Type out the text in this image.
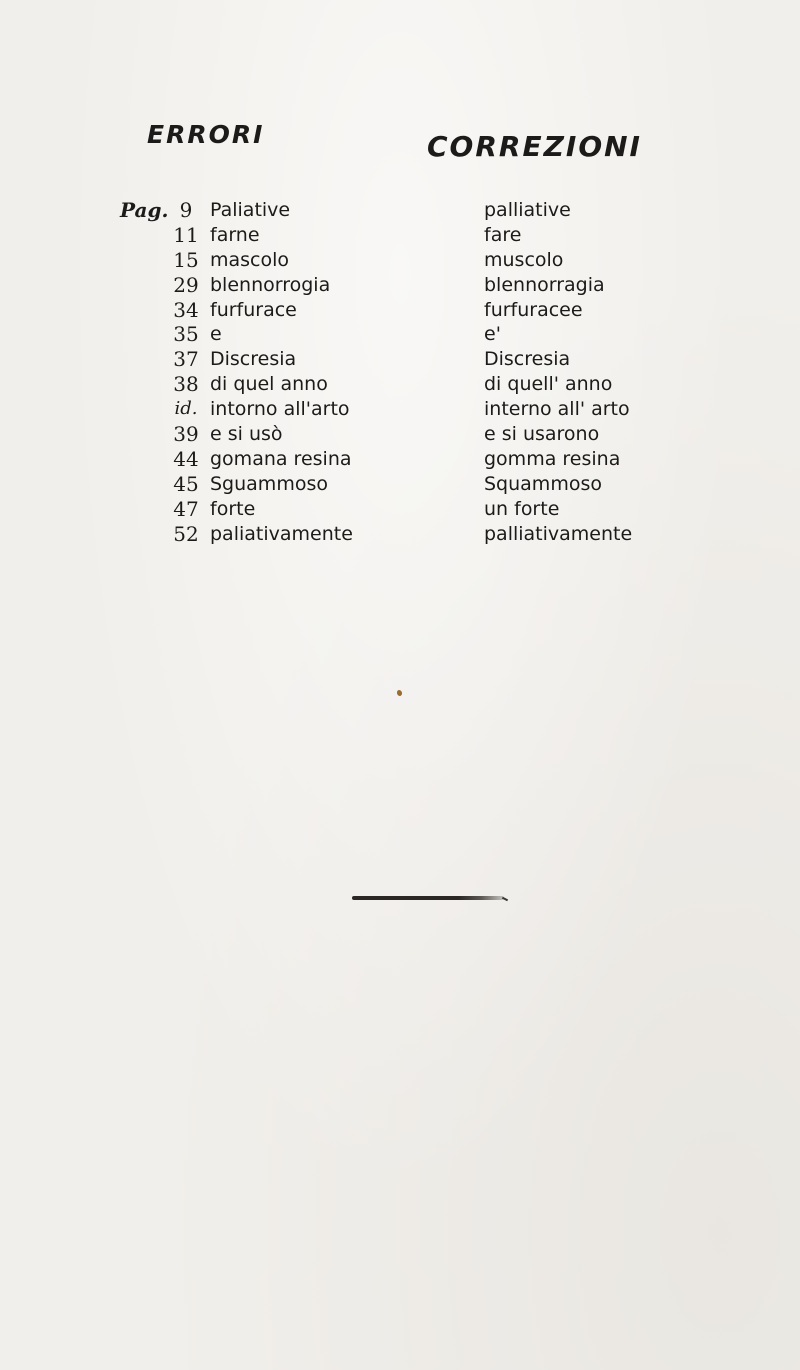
ERRORI	CORREZIONI
Pag. 9 Paliative	palliative
11 farne	fare
15 mascolo	muscolo
29 blennorrogia	blennorragia
34 furfurace	furfuracee
35 e	e'
37 Discresia	Discresia
38 di quel anno	di quell' anno
id. intorno all'arto	interno all' arto
39 e si usò	e si usarono
44 gomana resina	gomma resina
45 Sguammoso	Squammoso
47 forte	un forte
52 paliativamente	palliativamente
